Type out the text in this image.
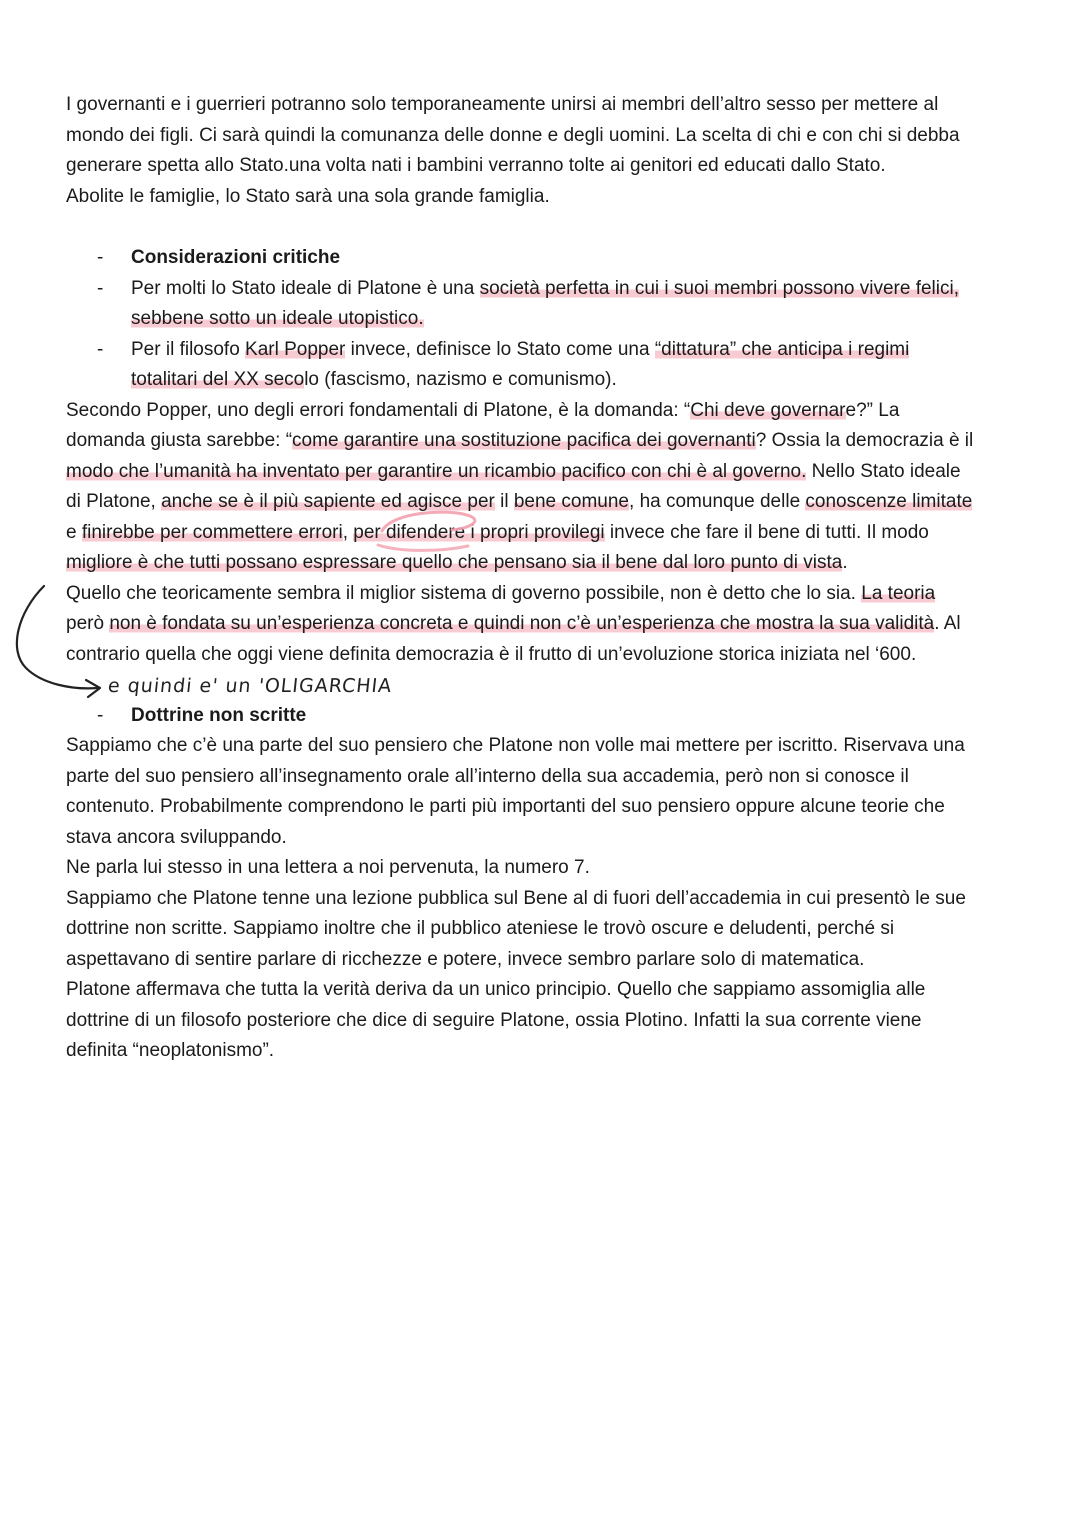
I governanti e i guerrieri potranno solo temporaneamente unirsi ai membri dell’altro sesso per mettere al
mondo dei figli. Ci sarà quindi la comunanza delle donne e degli uomini. La scelta di chi e con chi si debba
generare spetta allo Stato.una volta nati i bambini verranno tolte ai genitori ed educati dallo Stato.
Abolite le famiglie, lo Stato sarà una sola grande famiglia.
- Considerazioni critiche
- Per molti lo Stato ideale di Platone è una società perfetta in cui i suoi membri possono vivere felici,
sebbene sotto un ideale utopistico.
- Per il filosofo Karl Popper invece, definisce lo Stato come una “dittatura” che anticipa i regimi
totalitari del XX secolo (fascismo, nazismo e comunismo).
Secondo Popper, uno degli errori fondamentali di Platone, è la domanda: “Chi deve governare?” La
domanda giusta sarebbe: “come garantire una sostituzione pacifica dei governanti? Ossia la democrazia è il
modo che l’umanità ha inventato per garantire un ricambio pacifico con chi è al governo. Nello Stato ideale
di Platone, anche se è il più sapiente ed agisce per il bene comune, ha comunque delle conoscenze limitate
e finirebbe per commettere errori, per difendere i propri provilegi invece che fare il bene di tutti. Il modo
migliore è che tutti possano espressare quello che pensano sia il bene dal loro punto di vista.
Quello che teoricamente sembra il miglior sistema di governo possibile, non è detto che lo sia. La teoria
però non è fondata su un’esperienza concreta e quindi non c’è un’esperienza che mostra la sua validità. Al
contrario quella che oggi viene definita democrazia è il frutto di un’evoluzione storica iniziata nel ‘600.
e quindi e' un 'OLIGARCHIA
- Dottrine non scritte
Sappiamo che c’è una parte del suo pensiero che Platone non volle mai mettere per iscritto. Riservava una
parte del suo pensiero all’insegnamento orale all’interno della sua accademia, però non si conosce il
contenuto. Probabilmente comprendono le parti più importanti del suo pensiero oppure alcune teorie che
stava ancora sviluppando.
Ne parla lui stesso in una lettera a noi pervenuta, la numero 7.
Sappiamo che Platone tenne una lezione pubblica sul Bene al di fuori dell’accademia in cui presentò le sue
dottrine non scritte. Sappiamo inoltre che il pubblico ateniese le trovò oscure e deludenti, perché si
aspettavano di sentire parlare di ricchezze e potere, invece sembro parlare solo di matematica.
Platone affermava che tutta la verità deriva da un unico principio. Quello che sappiamo assomiglia alle
dottrine di un filosofo posteriore che dice di seguire Platone, ossia Plotino. Infatti la sua corrente viene
definita “neoplatonismo”.
